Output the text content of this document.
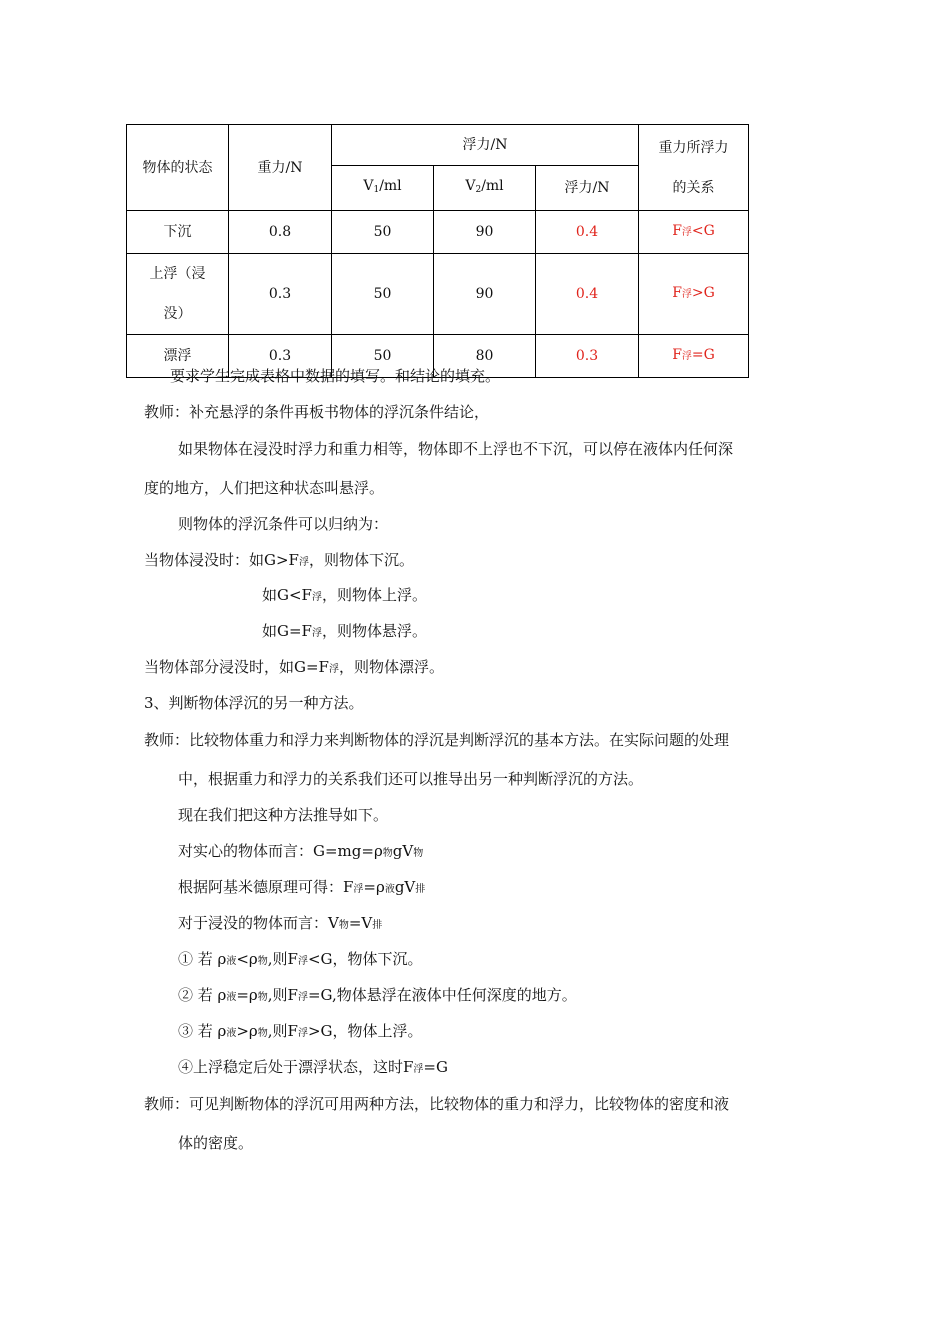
物体的状态	重力/N	浮力/N			重力所浮力
的关系

		$V_1/ml$	$V_2/ml$	浮力/N	
下沉	0.8	50	90	0.4	F浮<G

上浮（浸
没）	0.3	50	90	0.4	F浮>G
漂浮	0.3	50	80	0.3	F浮=G
要求学生完成表格中数据的填写。和结论的填充。
教师：补充悬浮的条件再板书物体的浮沉条件结论，
如果物体在浸没时浮力和重力相等，物体即不上浮也不下沉，可以停在液体内任何深
度的地方，人们把这种状态叫悬浮。
则物体的浮沉条件可以归纳为：
当物体浸没时：如G>F浮，则物体下沉。
如G<F浮，则物体上浮。
如G=F浮，则物体悬浮。
当物体部分浸没时，如G=F浮，则物体漂浮。
3、判断物体浮沉的另一种方法。
教师：比较物体重力和浮力来判断物体的浮沉是判断浮沉的基本方法。在实际问题的处理
中，根据重力和浮力的关系我们还可以推导出另一种判断浮沉的方法。
现在我们把这种方法推导如下。
对实心的物体而言：G=mg=ρ物gV物
根据阿基米德原理可得：F浮=ρ液gV排
对于浸没的物体而言：V物=V排
① 若 ρ液<ρ物,则F浮<G，物体下沉。
② 若 ρ液=ρ物,则F浮=G,物体悬浮在液体中任何深度的地方。
③ 若 ρ液>ρ物,则F浮>G，物体上浮。
④上浮稳定后处于漂浮状态，这时F浮=G
教师：可见判断物体的浮沉可用两种方法，比较物体的重力和浮力，比较物体的密度和液
体的密度。
